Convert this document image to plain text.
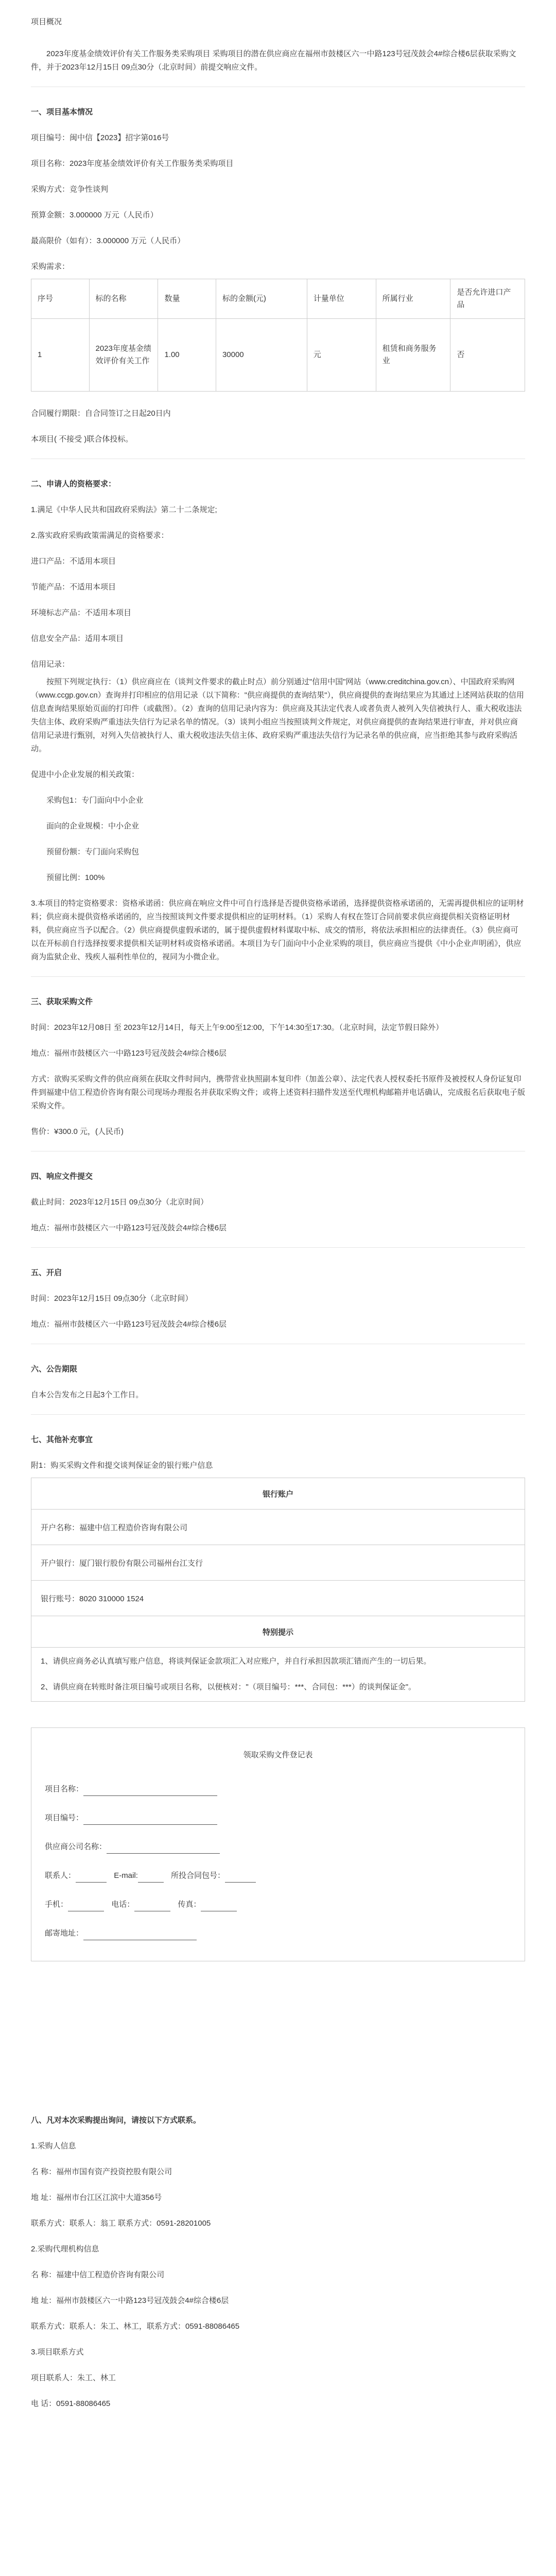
项目概况

2023年度基金绩效评价有关工作服务类采购项目 采购项目的潜在供应商应在福州市鼓楼区六一中路123号冠茂鼓会4#综合楼6层获取采购文件，并于2023年12月15日 09点30分（北京时间）前提交响应文件。

一、项目基本情况

项目编号：闽中信【2023】招字第016号

项目名称：2023年度基金绩效评价有关工作服务类采购项目

采购方式：竞争性谈判

预算金额：3.000000 万元（人民币）

最高限价（如有）：3.000000 万元（人民币）

采购需求：

序号	标的名称	数量	标的金额(元)	计量单位	所属行业	是否允许进口产品
1	2023年度基金绩效评价有关工作	1.00	30000	元	租赁和商务服务业	否

合同履行期限：自合同签订之日起20日内

本项目( 不接受 )联合体投标。

二、申请人的资格要求：

1.满足《中华人民共和国政府采购法》第二十二条规定;

2.落实政府采购政策需满足的资格要求：

进口产品：不适用本项目

节能产品：不适用本项目

环境标志产品：不适用本项目

信息安全产品：适用本项目

信用记录：

按照下列规定执行：（1）供应商应在（谈判文件要求的截止时点）前分别通过"信用中国"网站（www.creditchina.gov.cn）、中国政府采购网（www.ccgp.gov.cn）查询并打印相应的信用记录（以下简称："供应商提供的查询结果"），供应商提供的查询结果应为其通过上述网站获取的信用信息查询结果原始页面的打印件（或截图）。（2）查询的信用记录内容为：供应商及其法定代表人或者负责人被列入失信被执行人、重大税收违法失信主体、政府采购严重违法失信行为记录名单的情况。（3）谈判小组应当按照谈判文件规定，对供应商提供的查询结果进行审查，并对供应商信用记录进行甄别，对列入失信被执行人、重大税收违法失信主体、政府采购严重违法失信行为记录名单的供应商，应当拒绝其参与政府采购活动。

促进中小企业发展的相关政策：

采购包1：专门面向中小企业

面向的企业规模：中小企业

预留份额：专门面向采购包

预留比例：100%

3.本项目的特定资格要求：资格承诺函：供应商在响应文件中可自行选择是否提供资格承诺函，选择提供资格承诺函的，无需再提供相应的证明材料；供应商未提供资格承诺函的，应当按照谈判文件要求提供相应的证明材料。（1）采购人有权在签订合同前要求供应商提供相关资格证明材料，供应商应当予以配合。（2）供应商提供虚假承诺的，属于提供虚假材料谋取中标、成交的情形，将依法承担相应的法律责任。（3）供应商可以在开标前自行选择按要求提供相关证明材料或资格承诺函。本项目为专门面向中小企业采购的项目，供应商应当提供《中小企业声明函》，供应商为监狱企业、残疾人福利性单位的，视同为小微企业。

三、获取采购文件

时间：2023年12月08日 至 2023年12月14日，每天上午9:00至12:00，下午14:30至17:30。（北京时间，法定节假日除外）

地点：福州市鼓楼区六一中路123号冠茂鼓会4#综合楼6层

方式：欲购买采购文件的供应商须在获取文件时间内，携带营业执照副本复印件（加盖公章）、法定代表人授权委托书原件及被授权人身份证复印件到福建中信工程造价咨询有限公司现场办理报名并获取采购文件；或将上述资料扫描件发送至代理机构邮箱并电话确认，完成报名后获取电子版采购文件。

售价：¥300.0 元，(人民币)

四、响应文件提交

截止时间：2023年12月15日 09点30分（北京时间）

地点：福州市鼓楼区六一中路123号冠茂鼓会4#综合楼6层

五、开启

时间：2023年12月15日 09点30分（北京时间）

地点：福州市鼓楼区六一中路123号冠茂鼓会4#综合楼6层

六、公告期限

自本公告发布之日起3个工作日。

七、其他补充事宜

附1：购买采购文件和提交谈判保证金的银行账户信息

银行账户
开户名称：福建中信工程造价咨询有限公司
开户银行：厦门银行股份有限公司福州台江支行
银行账号：8020 310000 1524
特别提示

1、请供应商务必认真填写账户信息，将谈判保证金款项汇入对应账户，并自行承担因款项汇错而产生的一切后果。

2、请供应商在转账时备注项目编号或项目名称，以便核对："（项目编号：***、合同包：***）的谈判保证金"。

领取采购文件登记表

项目名称：

项目编号：

供应商公司名称：

联系人：	E-mail:	所投合同包号：

手机：	电话：	传真：

邮寄地址：

八、凡对本次采购提出询问，请按以下方式联系。

1.采购人信息

名 称：福州市国有资产投资控股有限公司

地 址：福州市台江区江滨中大道356号

联系方式：联系人：翁工 联系方式：0591-28201005

2.采购代理机构信息

名 称：福建中信工程造价咨询有限公司

地 址：福州市鼓楼区六一中路123号冠茂鼓会4#综合楼6层

联系方式：联系人：朱工、林工，联系方式：0591-88086465

3.项目联系方式

项目联系人：朱工、林工

电 话：0591-88086465
